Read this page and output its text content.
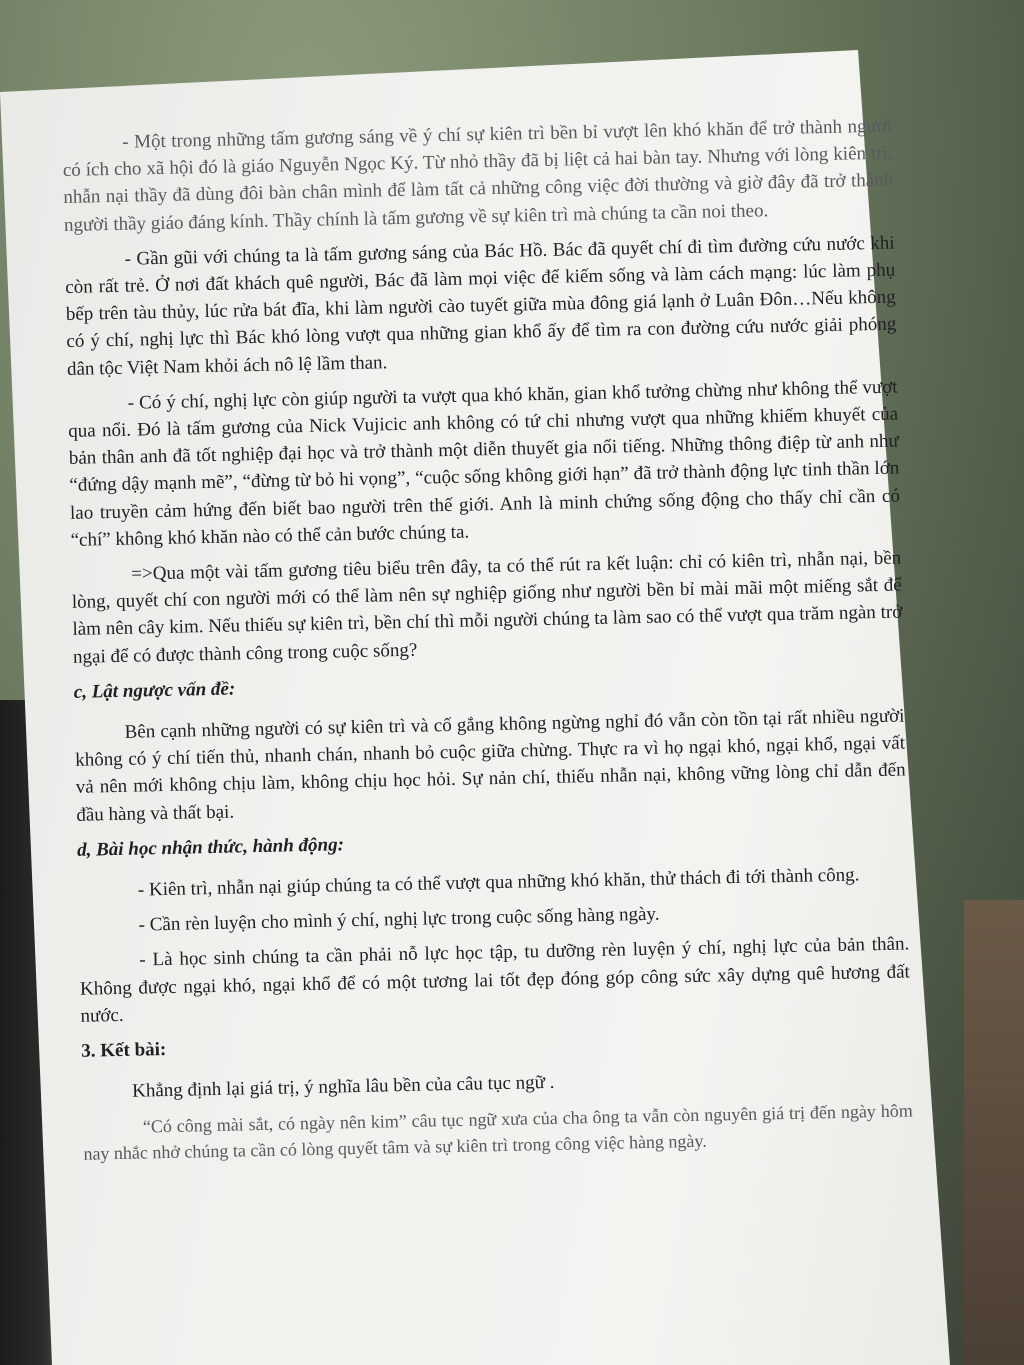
- Một trong những tấm gương sáng về ý chí sự kiên trì bền bỉ vượt lên khó khăn để trở thành người có ích cho xã hội đó là giáo Nguyễn Ngọc Ký. Từ nhỏ thầy đã bị liệt cả hai bàn tay. Nhưng với lòng kiên trì, nhẫn nại thầy đã dùng đôi bàn chân mình để làm tất cả những công việc đời thường và giờ đây đã trở thành người thầy giáo đáng kính. Thầy chính là tấm gương về sự kiên trì mà chúng ta cần noi theo.

- Gần gũi với chúng ta là tấm gương sáng của Bác Hồ. Bác đã quyết chí đi tìm đường cứu nước khi còn rất trẻ. Ở nơi đất khách quê người, Bác đã làm mọi việc để kiếm sống và làm cách mạng: lúc làm phụ bếp trên tàu thủy, lúc rửa bát đĩa, khi làm người cào tuyết giữa mùa đông giá lạnh ở Luân Đôn…Nếu không có ý chí, nghị lực thì Bác khó lòng vượt qua những gian khổ ấy để tìm ra con đường cứu nước giải phóng dân tộc Việt Nam khỏi ách nô lệ lầm than.

- Có ý chí, nghị lực còn giúp người ta vượt qua khó khăn, gian khổ tưởng chừng như không thể vượt qua nổi. Đó là tấm gương của Nick Vujicic anh không có tứ chi nhưng vượt qua những khiếm khuyết của bản thân anh đã tốt nghiệp đại học và trở thành một diễn thuyết gia nổi tiếng. Những thông điệp từ anh như “đứng dậy mạnh mẽ”, “đừng từ bỏ hi vọng”, “cuộc sống không giới hạn” đã trở thành động lực tinh thần lớn lao truyền cảm hứng đến biết bao người trên thế giới. Anh là minh chứng sống động cho thấy chỉ cần có “chí” không khó khăn nào có thể cản bước chúng ta.

=>Qua một vài tấm gương tiêu biểu trên đây, ta có thể rút ra kết luận: chỉ có kiên trì, nhẫn nại, bền lòng, quyết chí con người mới có thể làm nên sự nghiệp giống như người bền bỉ mài mãi một miếng sắt để làm nên cây kim. Nếu thiếu sự kiên trì, bền chí thì mỗi người chúng ta làm sao có thể vượt qua trăm ngàn trở ngại để có được thành công trong cuộc sống?

c, Lật ngược vấn đề:

Bên cạnh những người có sự kiên trì và cố gắng không ngừng nghỉ đó vẫn còn tồn tại rất nhiều người không có ý chí tiến thủ, nhanh chán, nhanh bỏ cuộc giữa chừng. Thực ra vì họ ngại khó, ngại khổ, ngại vất vả nên mới không chịu làm, không chịu học hỏi. Sự nản chí, thiếu nhẫn nại, không vững lòng chỉ dẫn đến đầu hàng và thất bại.

d, Bài học nhận thức, hành động:

- Kiên trì, nhẫn nại giúp chúng ta có thể vượt qua những khó khăn, thử thách đi tới thành công.

- Cần rèn luyện cho mình ý chí, nghị lực trong cuộc sống hàng ngày.

- Là học sinh chúng ta cần phải nỗ lực học tập, tu dưỡng rèn luyện ý chí, nghị lực của bản thân. Không được ngại khó, ngại khổ để có một tương lai tốt đẹp đóng góp công sức xây dựng quê hương đất nước.

3. Kết bài:

Khẳng định lại giá trị, ý nghĩa lâu bền của câu tục ngữ .

“Có công mài sắt, có ngày nên kim” câu tục ngữ xưa của cha ông ta vẫn còn nguyên giá trị đến ngày hôm nay nhắc nhở chúng ta cần có lòng quyết tâm và sự kiên trì trong công việc hàng ngày.
